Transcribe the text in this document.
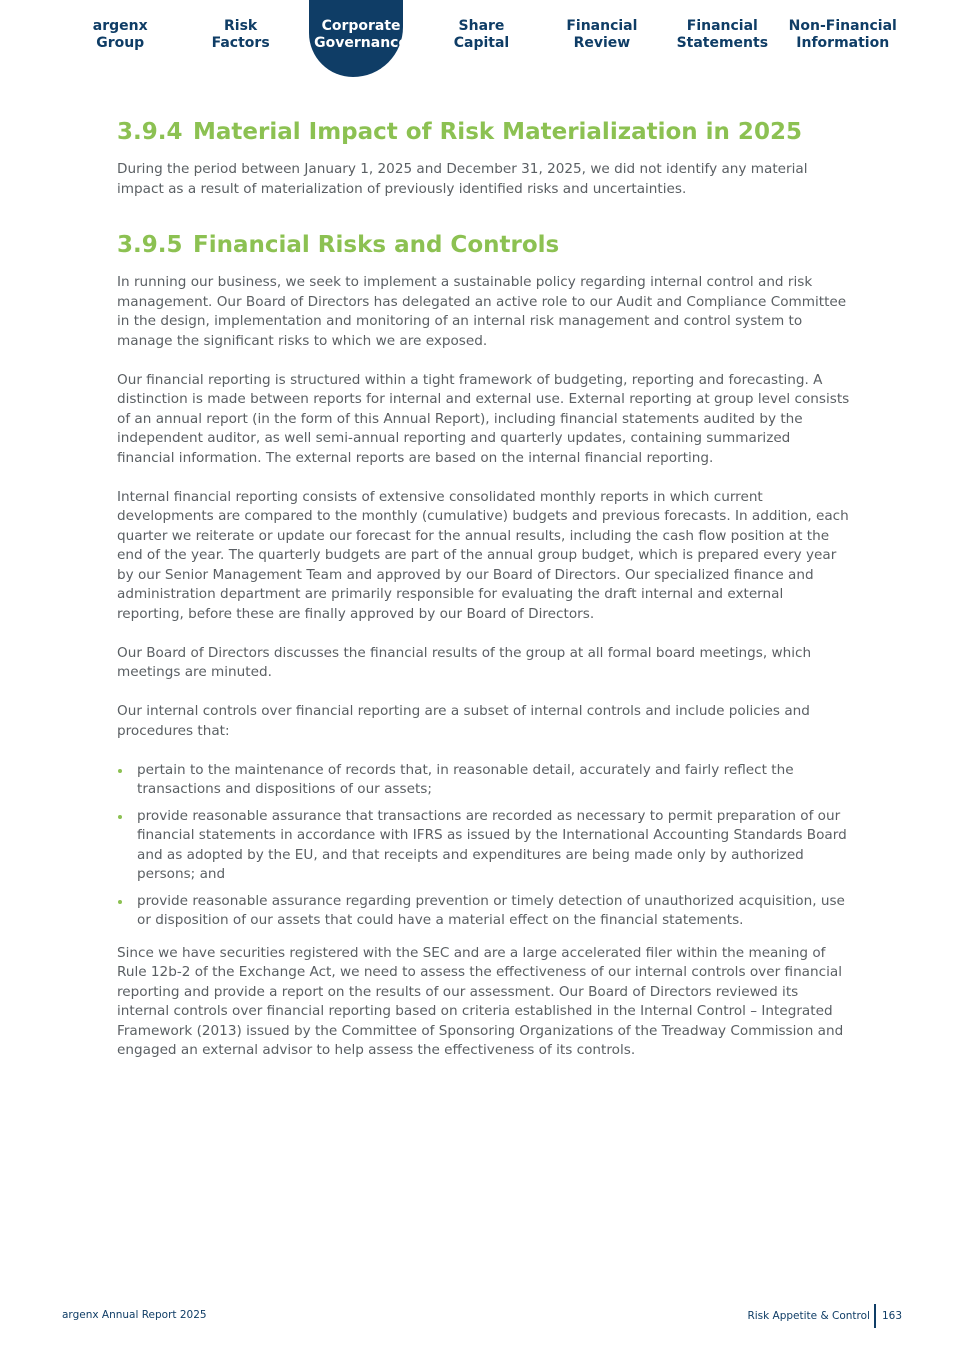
argenx
Group
Risk
Factors
Corporate
Governance
Share
Capital
Financial
Review
Financial
Statements
Non-Financial
Information
3.9.4 Material Impact of Risk Materialization in 2025

During the period between January 1, 2025 and December 31, 2025, we did not identify any material impact as a result of materialization of previously identified risks and uncertainties.

3.9.5 Financial Risks and Controls

In running our business, we seek to implement a sustainable policy regarding internal control and risk management. Our Board of Directors has delegated an active role to our Audit and Compliance Committee in the design, implementation and monitoring of an internal risk management and control system to manage the significant risks to which we are exposed.

Our financial reporting is structured within a tight framework of budgeting, reporting and forecasting. A distinction is made between reports for internal and external use. External reporting at group level consists of an annual report (in the form of this Annual Report), including financial statements audited by the independent auditor, as well semi-annual reporting and quarterly updates, containing summarized financial information. The external reports are based on the internal financial reporting.

Internal financial reporting consists of extensive consolidated monthly reports in which current developments are compared to the monthly (cumulative) budgets and previous forecasts. In addition, each quarter we reiterate or update our forecast for the annual results, including the cash flow position at the end of the year. The quarterly budgets are part of the annual group budget, which is prepared every year by our Senior Management Team and approved by our Board of Directors. Our specialized finance and administration department are primarily responsible for evaluating the draft internal and external reporting, before these are finally approved by our Board of Directors.

Our Board of Directors discusses the financial results of the group at all formal board meetings, which meetings are minuted.

Our internal controls over financial reporting are a subset of internal controls and include policies and procedures that:

pertain to the maintenance of records that, in reasonable detail, accurately and fairly reflect the transactions and dispositions of our assets;
provide reasonable assurance that transactions are recorded as necessary to permit preparation of our financial statements in accordance with IFRS as issued by the International Accounting Standards Board and as adopted by the EU, and that receipts and expenditures are being made only by authorized persons; and
provide reasonable assurance regarding prevention or timely detection of unauthorized acquisition, use or disposition of our assets that could have a material effect on the financial statements.

Since we have securities registered with the SEC and are a large accelerated filer within the meaning of Rule 12b-2 of the Exchange Act, we need to assess the effectiveness of our internal controls over financial reporting and provide a report on the results of our assessment. Our Board of Directors reviewed its internal controls over financial reporting based on criteria established in the Internal Control – Integrated Framework (2013) issued by the Committee of Sponsoring Organizations of the Treadway Commission and engaged an external advisor to help assess the effectiveness of its controls.

argenx Annual Report 2025	Risk Appetite & Control 163
